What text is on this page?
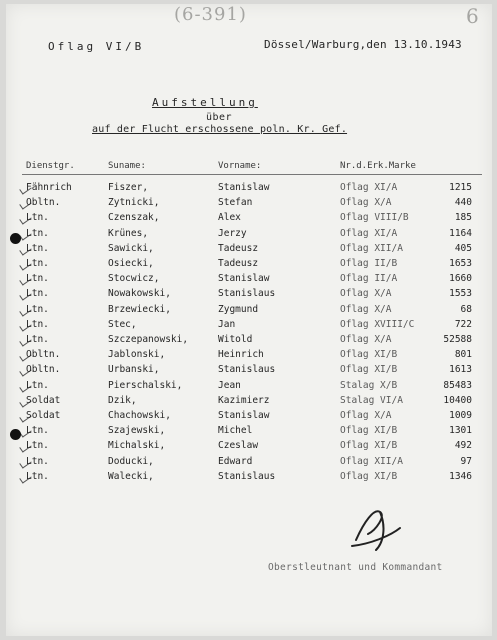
(6-391)	6
Oflag VI/B	Dössel/Warburg,den 13.10.1943
Aufstellung
über
auf der Flucht erschossene poln. Kr. Gef.
Dienstgr.	Suname:	Vorname:	Nr.d.Erk.Marke
Fähnrich	Fiszer,	Stanislaw	Oflag XI/A	1215
Obltn.	Zytnicki,	Stefan	Oflag X/A	440
Ltn.	Czenszak,	Alex	Oflag VIII/B	185
Ltn.	Krünes,	Jerzy	Oflag XI/A	1164
Ltn.	Sawicki,	Tadeusz	Oflag XII/A	405
Ltn.	Osiecki,	Tadeusz	Oflag II/B	1653
Ltn.	Stocwicz,	Stanislaw	Oflag II/A	1660
Ltn.	Nowakowski,	Stanislaus	Oflag X/A	1553
Ltn.	Brzewiecki,	Zygmund	Oflag X/A	68
Ltn.	Stec,	Jan	Oflag XVIII/C	722
Ltn.	Szczepanowski,	Witold	Oflag X/A	52588
Obltn.	Jablonski,	Heinrich	Oflag XI/B	801
Obltn.	Urbanski,	Stanislaus	Oflag XI/B	1613
Ltn.	Pierschalski,	Jean	Stalag X/B	85483
Soldat	Dzik,	Kazimierz	Stalag VI/A	10400
Soldat	Chachowski,	Stanislaw	Oflag X/A	1009
Ltn.	Szajewski,	Michel	Oflag XI/B	1301
Ltn.	Michalski,	Czeslaw	Oflag XI/B	492
Ltn.	Doducki,	Edward	Oflag XII/A	97
Ltn.	Walecki,	Stanislaus	Oflag XI/B	1346
Oberstleutnant und Kommandant
